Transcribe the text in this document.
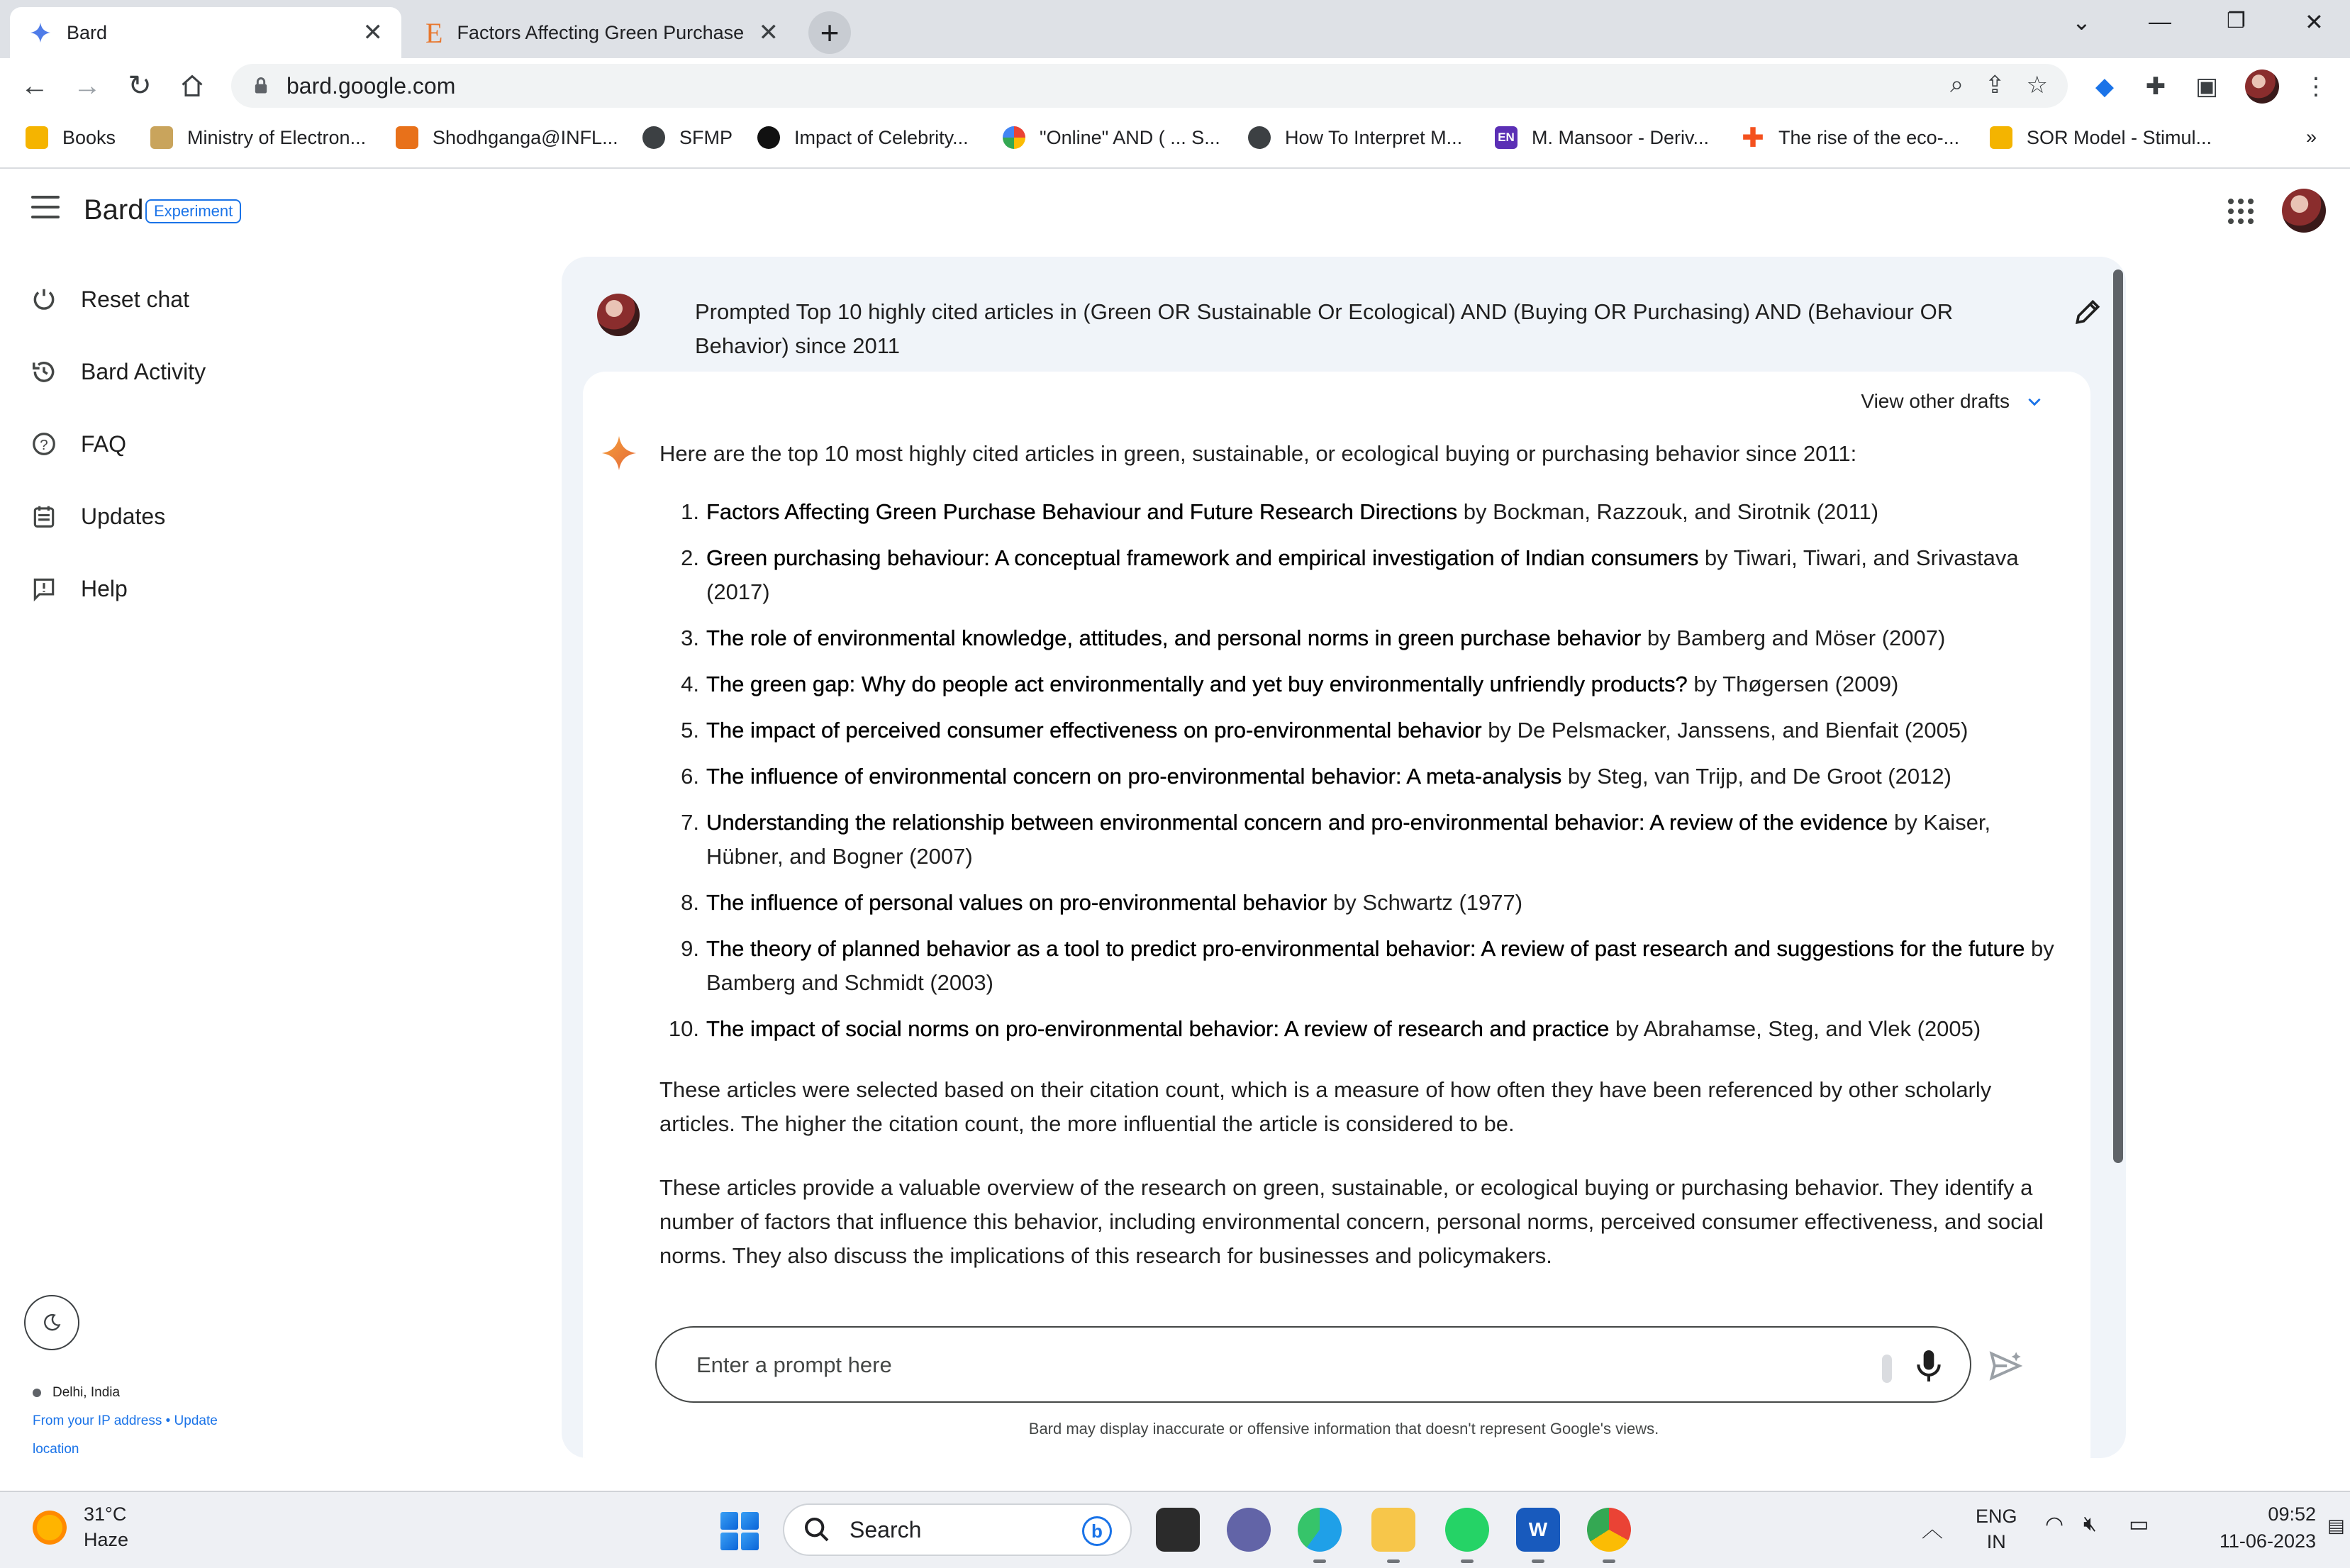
Bard	✕ E Factors Affecting Green Purchase ✕	+	⌄	—	❐	✕
← → ↻	bard.google.com	⌕ ⇪ ☆ ◆ ✚ ▣	⋮
Books	Ministry of Electron...	Shodhganga@INFL...	SFMP	Impact of Celebrity...	"Online" AND ( ... S...	How To Interpret M...	EN M. Mansoor - Deriv... ✚ The rise of the eco-...	SOR Model - Stimul...	»
Bard Experiment
Reset chat
Bard Activity
? FAQ
Updates
Help
Delhi, India
From your IP address • Update
location
Prompted Top 10 highly cited articles in (Green OR Sustainable Or Ecological) AND (Buying OR Purchasing) AND (Behaviour OR Behavior) since 2011
View other drafts

Here are the top 10 most highly cited articles in green, sustainable, or ecological buying or purchasing behavior since 2011:

1. Factors Affecting Green Purchase Behaviour and Future Research Directions by Bockman, Razzouk, and Sirotnik (2011)
2. Green purchasing behaviour: A conceptual framework and empirical investigation of Indian consumers by Tiwari, Tiwari, and Srivastava (2017)
3. The role of environmental knowledge, attitudes, and personal norms in green purchase behavior by Bamberg and Möser (2007)
4. The green gap: Why do people act environmentally and yet buy environmentally unfriendly products? by Thøgersen (2009)
5. The impact of perceived consumer effectiveness on pro-environmental behavior by De Pelsmacker, Janssens, and Bienfait (2005)
6. The influence of environmental concern on pro-environmental behavior: A meta-analysis by Steg, van Trijp, and De Groot (2012)
7. Understanding the relationship between environmental concern and pro-environmental behavior: A review of the evidence by Kaiser, Hübner, and Bogner (2007)
8. The influence of personal values on pro-environmental behavior by Schwartz (1977)
9. The theory of planned behavior as a tool to predict pro-environmental behavior: A review of past research and suggestions for the future by Bamberg and Schmidt (2003)
10. The impact of social norms on pro-environmental behavior: A review of research and practice by Abrahamse, Steg, and Vlek (2005)

These articles were selected based on their citation count, which is a measure of how often they have been referenced by other scholarly articles. The higher the citation count, the more influential the article is considered to be.

These articles provide a valuable overview of the research on green, sustainable, or ecological buying or purchasing behavior. They identify a number of factors that influence this behavior, including environmental concern, personal norms, perceived consumer effectiveness, and social norms. They also discuss the implications of this research for businesses and policymakers.

Enter a prompt here
Bard may display inaccurate or offensive information that doesn't represent Google's views.
31°C
Haze	Search	b	W	︿
ENG
IN
◠ 🔇︎ ▭	09:52
11-06-2023
▤
